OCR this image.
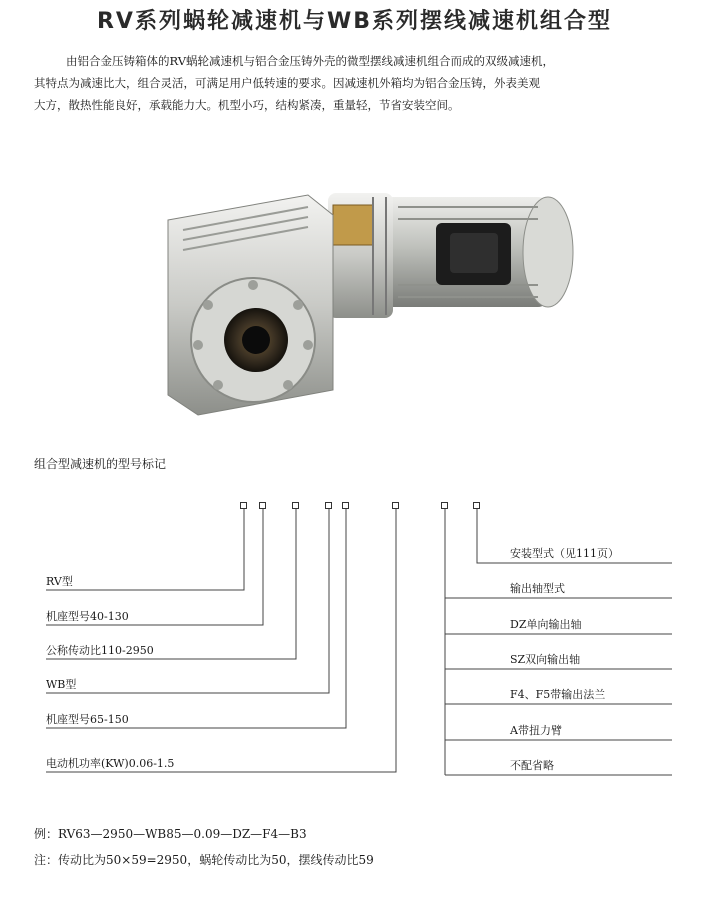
RV系列蜗轮减速机与WB系列摆线减速机组合型

由铝合金压铸箱体的RV蜗轮减速机与铝合金压铸外壳的微型摆线减速机组合而成的双级减速机，

其特点为减速比大，组合灵活，可满足用户低转速的要求。因减速机外箱均为铝合金压铸，外表美观

大方，散热性能良好，承载能力大。机型小巧，结构紧凑，重量轻，节省安装空间。

组合型减速机的型号标记
RV型
机座型号40-130
公称传动比110-2950
WB型
机座型号65-150
电动机功率(KW)0.06-1.5
安装型式（见111页）
输出轴型式
DZ单向输出轴
SZ双向输出轴
F4、F5带输出法兰
A带扭力臂
不配省略
例：RV63—2950—WB85—0.09—DZ—F4—B3
注：传动比为50×59=2950，蜗轮传动比为50，摆线传动比59
